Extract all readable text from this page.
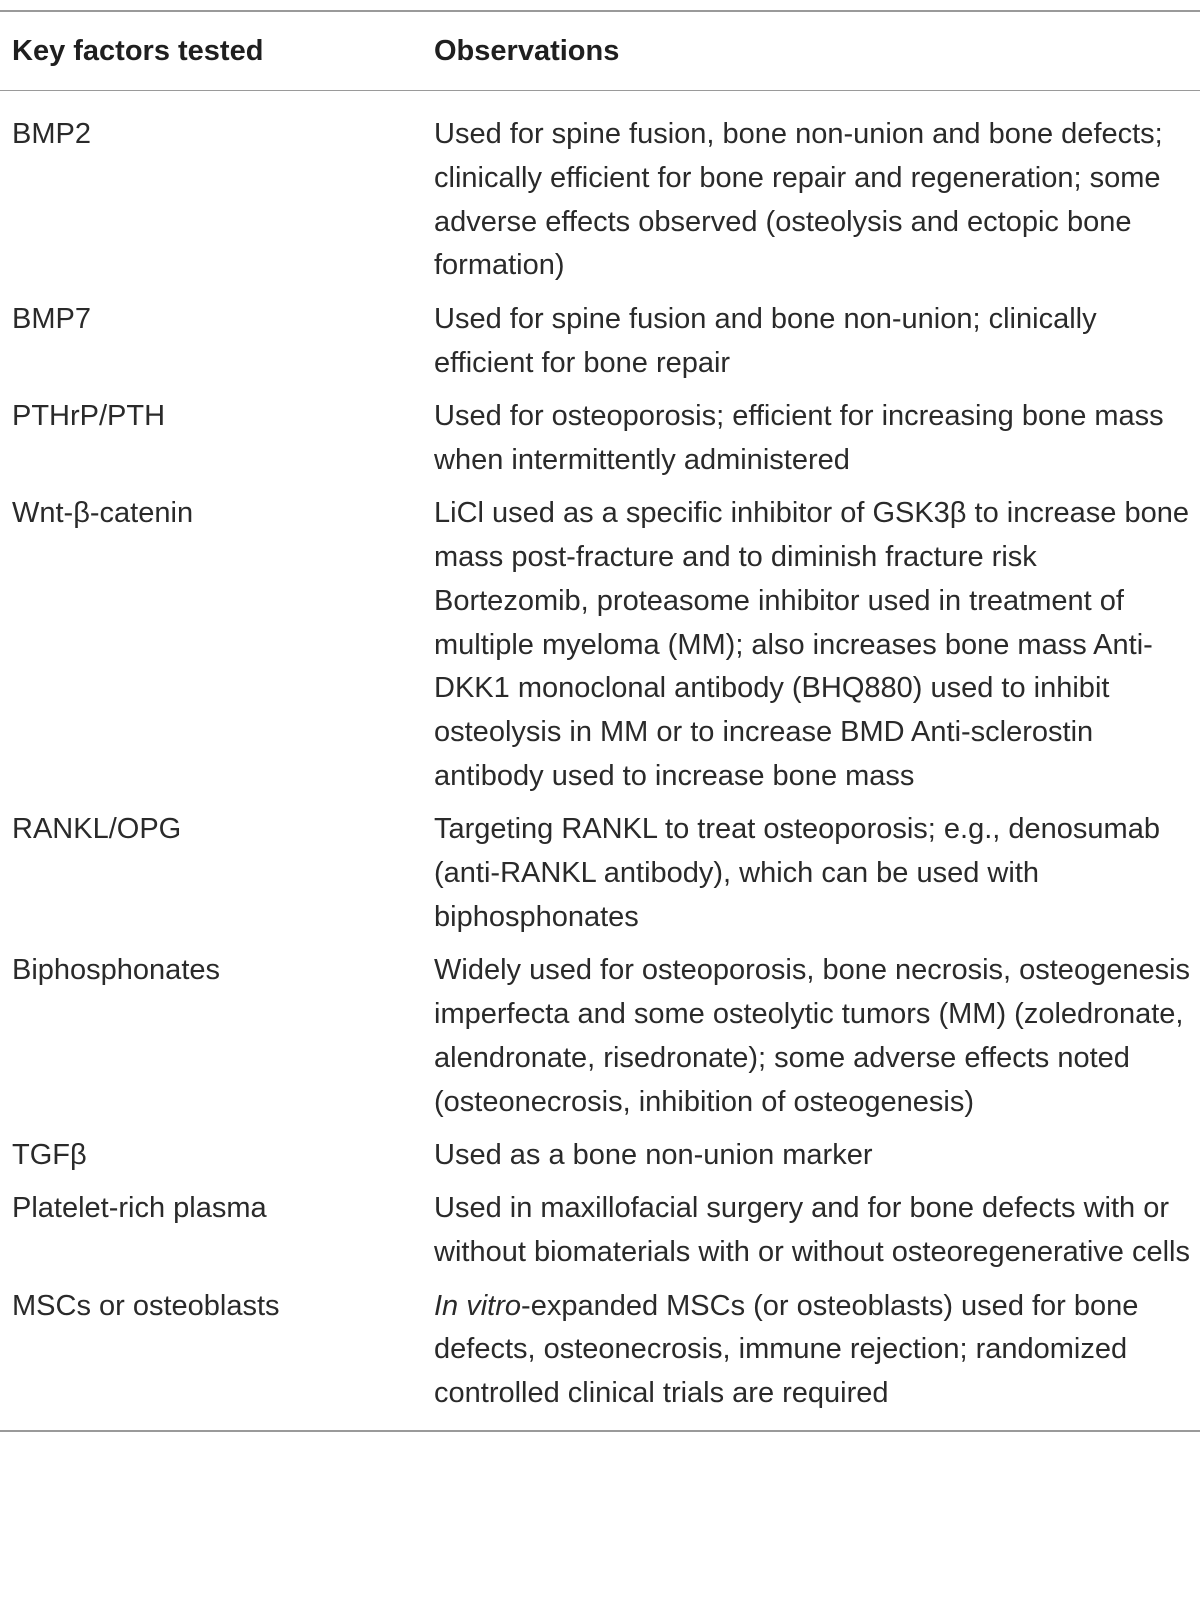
Key factors tested	Observations
BMP2	Used for spine fusion, bone non-union and bone defects; clinically efficient for bone repair and regeneration; some adverse effects observed (osteolysis and ectopic bone formation)
BMP7	Used for spine fusion and bone non-union; clinically efficient for bone repair
PTHrP/PTH	Used for osteoporosis; efficient for increasing bone mass when intermittently administered
Wnt-β-catenin	LiCl used as a specific inhibitor of GSK3β to increase bone mass post-fracture and to diminish fracture risk Bortezomib, proteasome inhibitor used in treatment of multiple myeloma (MM); also increases bone mass Anti-DKK1 monoclonal antibody (BHQ880) used to inhibit osteolysis in MM or to increase BMD Anti-sclerostin antibody used to increase bone mass
RANKL/OPG	Targeting RANKL to treat osteoporosis; e.g., denosumab (anti-RANKL antibody), which can be used with biphosphonates
Biphosphonates	Widely used for osteoporosis, bone necrosis, osteogenesis imperfecta and some osteolytic tumors (MM) (zoledronate, alendronate, risedronate); some adverse effects noted (osteonecrosis, inhibition of osteogenesis)
TGFβ	Used as a bone non-union marker
Platelet-rich plasma	Used in maxillofacial surgery and for bone defects with or without biomaterials with or without osteoregenerative cells
MSCs or osteoblasts	In vitro-expanded MSCs (or osteoblasts) used for bone defects, osteonecrosis, immune rejection; randomized controlled clinical trials are required
